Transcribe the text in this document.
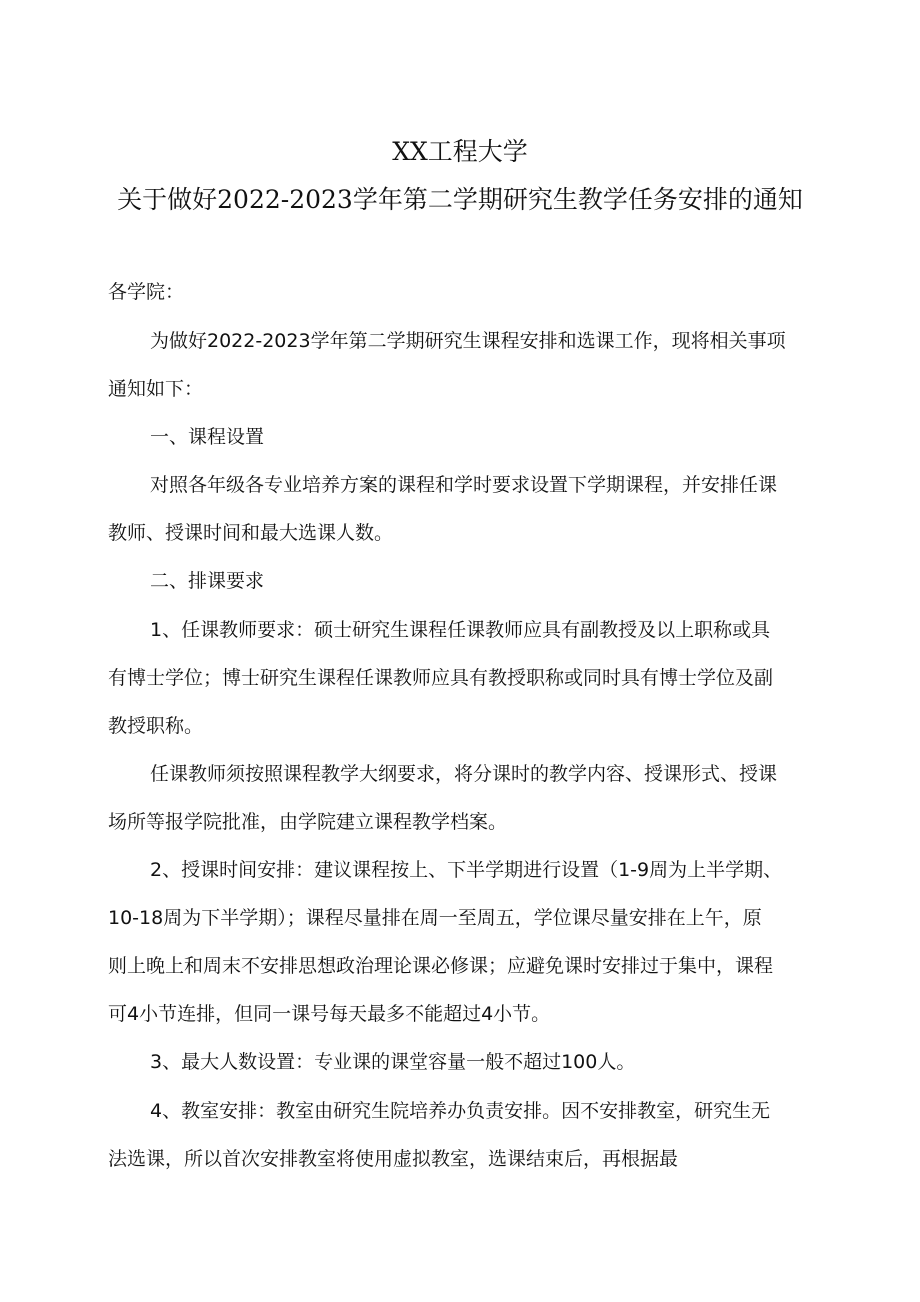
XX工程大学
关于做好2022-2023学年第二学期研究生教学任务安排的通知
各学院：
为做好2022-2023学年第二学期研究生课程安排和选课工作，现将相关事项
通知如下：
一、课程设置
对照各年级各专业培养方案的课程和学时要求设置下学期课程，并安排任课
教师、授课时间和最大选课人数。
二、排课要求
1、任课教师要求：硕士研究生课程任课教师应具有副教授及以上职称或具
有博士学位；博士研究生课程任课教师应具有教授职称或同时具有博士学位及副
教授职称。
任课教师须按照课程教学大纲要求，将分课时的教学内容、授课形式、授课
场所等报学院批准，由学院建立课程教学档案。
2、授课时间安排：建议课程按上、下半学期进行设置（1-9周为上半学期、
10-18周为下半学期）；课程尽量排在周一至周五，学位课尽量安排在上午，原
则上晚上和周末不安排思想政治理论课必修课；应避免课时安排过于集中，课程
可4小节连排，但同一课号每天最多不能超过4小节。
3、最大人数设置：专业课的课堂容量一般不超过100人。
4、教室安排：教室由研究生院培养办负责安排。因不安排教室，研究生无
法选课，所以首次安排教室将使用虚拟教室，选课结束后，再根据最
